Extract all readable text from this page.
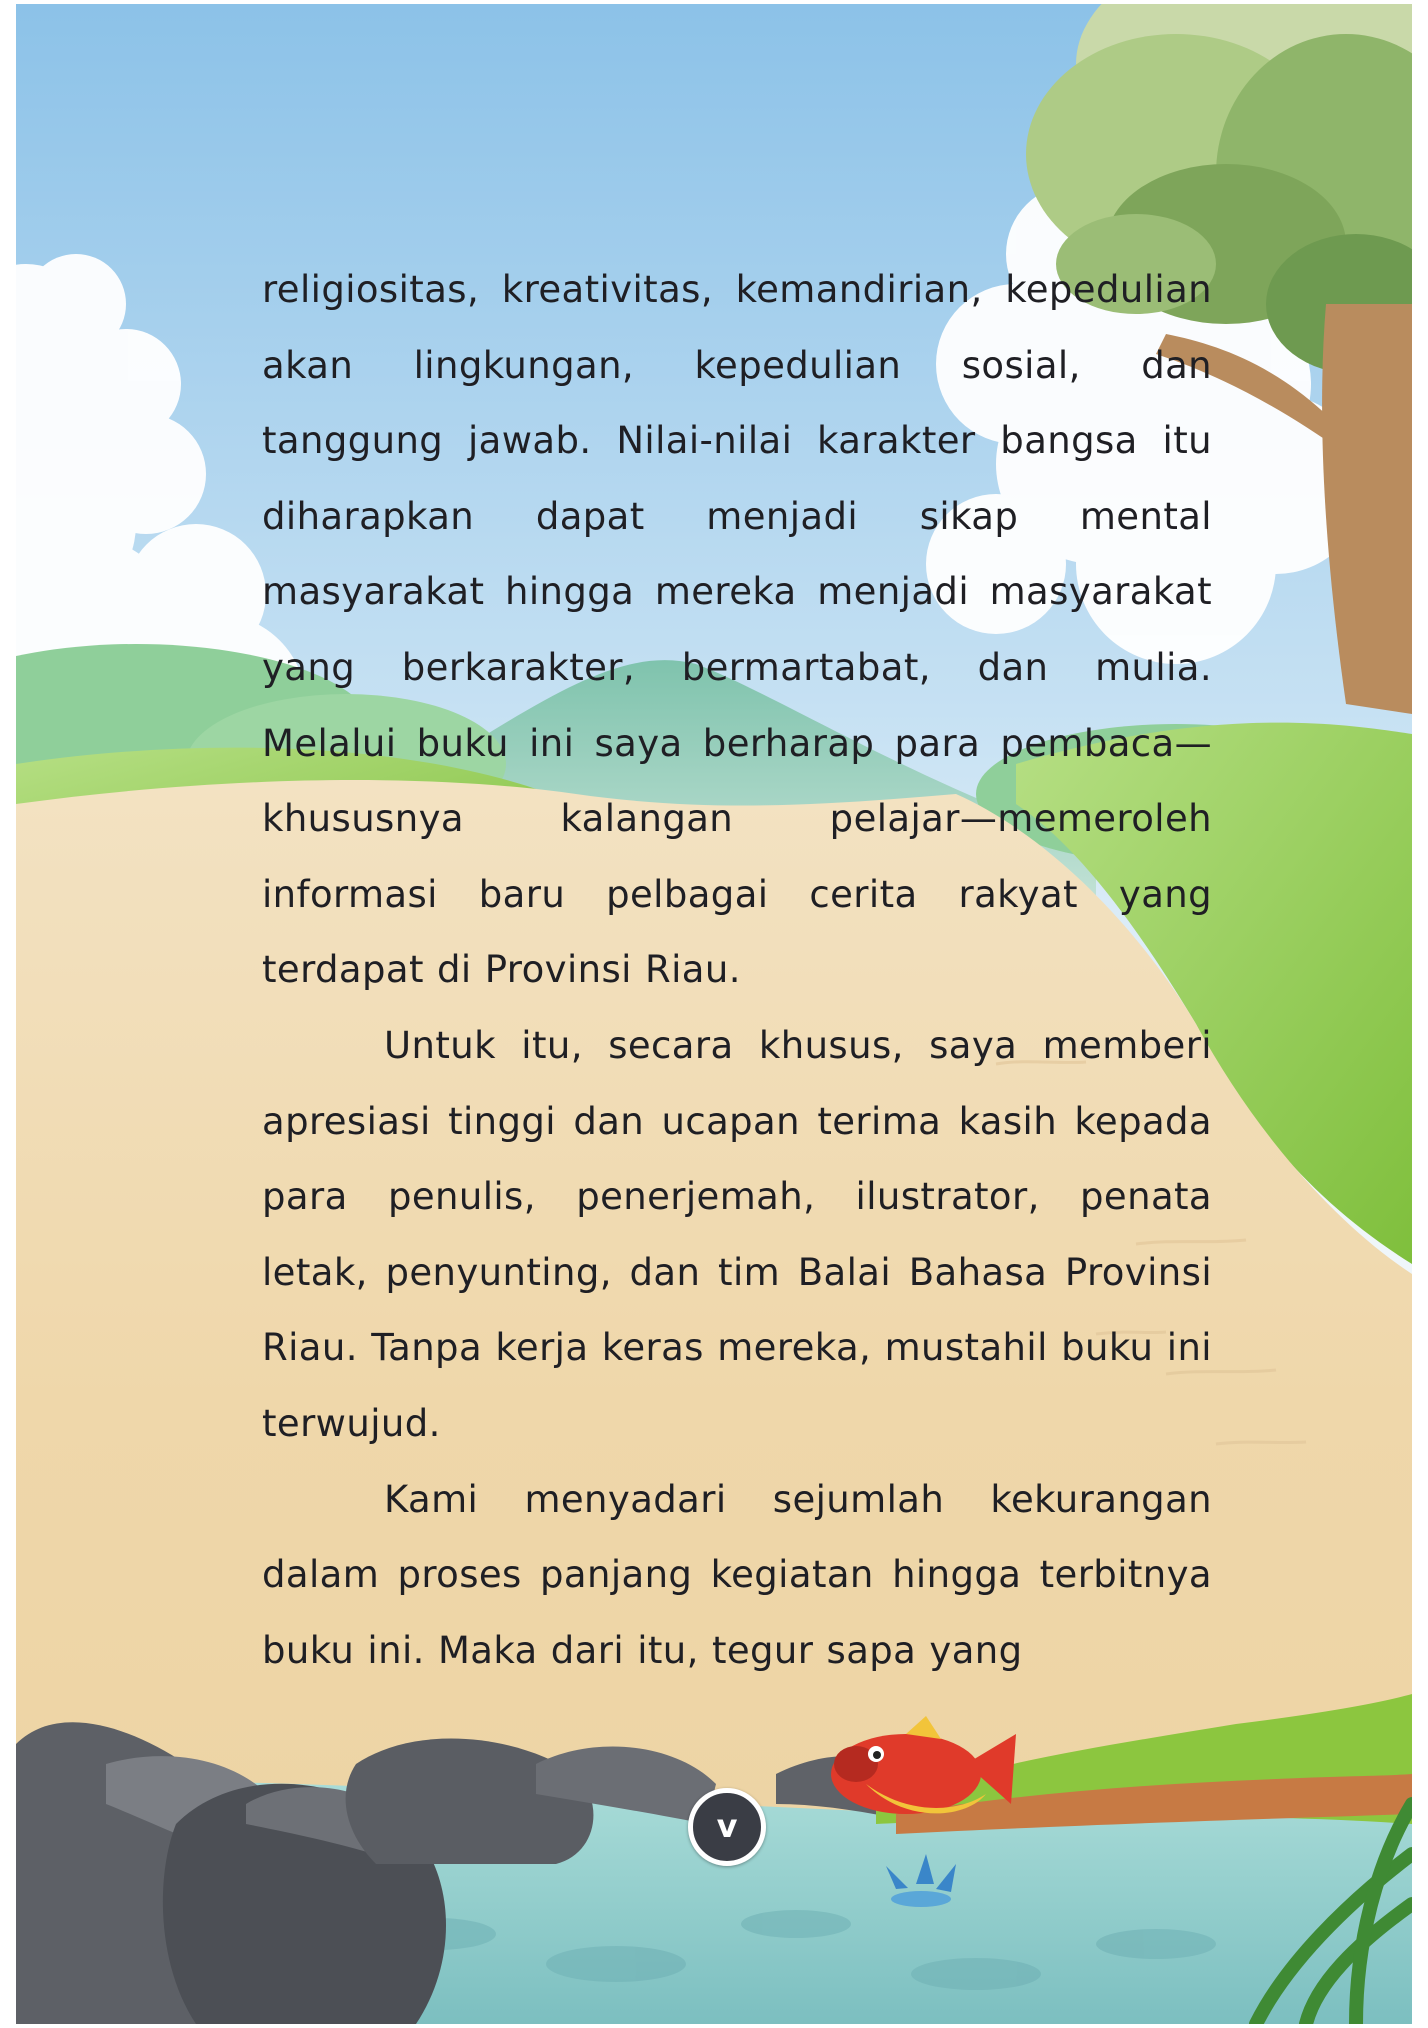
religiositas, kreativitas, kemandirian, kepedulian akan lingkungan, kepedulian sosial, dan tanggung jawab. Nilai-nilai karakter bangsa itu diharapkan dapat menjadi sikap mental masyarakat hingga mereka menjadi masyarakat yang berkarakter, bermartabat, dan mulia. Melalui buku ini saya berharap para pembaca—khususnya kalangan pelajar—memeroleh informasi baru pelbagai cerita rakyat yang terdapat di Provinsi Riau.

Untuk itu, secara khusus, saya memberi apresiasi tinggi dan ucapan terima kasih kepada para penulis, penerjemah, ilustrator, penata letak, penyunting, dan tim Balai Bahasa Provinsi Riau. Tanpa kerja keras mereka, mustahil buku ini terwujud.

Kami menyadari sejumlah kekurangan dalam proses panjang kegiatan hingga terbitnya buku ini. Maka dari itu, tegur sapa yang

v
